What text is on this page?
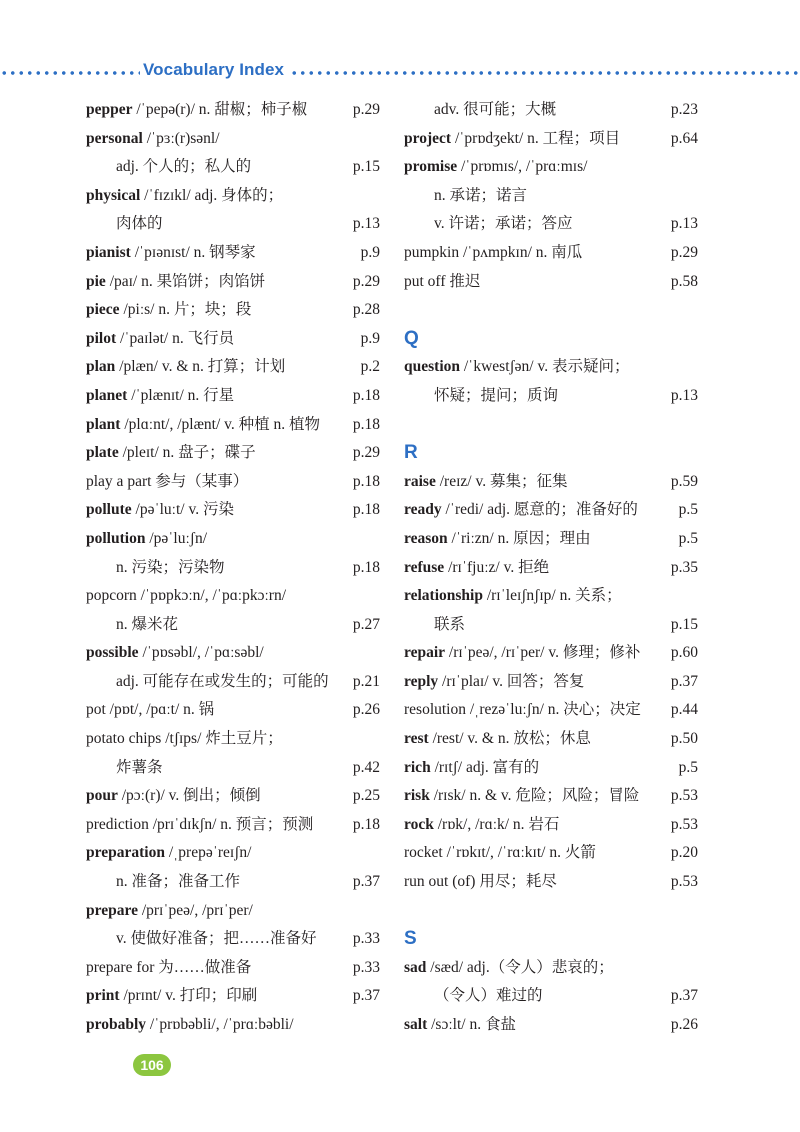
Vocabulary Index
pepper /ˈpepə(r)/ n. 甜椒；柿子椒	p.29
personal /ˈpɜː(r)sənl/
adj. 个人的；私人的	p.15
physical /ˈfɪzɪkl/ adj. 身体的；
肉体的	p.13
pianist /ˈpɪənɪst/ n. 钢琴家	p.9
pie /paɪ/ n. 果馅饼；肉馅饼	p.29
piece /piːs/ n. 片；块；段	p.28
pilot /ˈpaɪlət/ n. 飞行员	p.9
plan /plæn/ v. & n. 打算；计划	p.2
planet /ˈplænɪt/ n. 行星	p.18
plant /plɑːnt/, /plænt/ v. 种植 n. 植物 p.18
plate /pleɪt/ n. 盘子；碟子	p.29
play a part 参与（某事）	p.18
pollute /pəˈluːt/ v. 污染	p.18
pollution /pəˈluːʃn/
n. 污染；污染物	p.18
popcorn /ˈpɒpkɔːn/, /ˈpɑːpkɔːrn/
n. 爆米花	p.27
possible /ˈpɒsəbl/, /ˈpɑːsəbl/
adj. 可能存在或发生的；可能的 p.21
pot /pɒt/, /pɑːt/ n. 锅	p.26
potato chips /tʃɪps/ 炸土豆片；
炸薯条	p.42
pour /pɔː(r)/ v. 倒出；倾倒	p.25
prediction /prɪˈdɪkʃn/ n. 预言；预测	p.18
preparation /ˌprepəˈreɪʃn/
n. 准备；准备工作	p.37
prepare /prɪˈpeə/, /prɪˈper/
v. 使做好准备；把……准备好 p.33
prepare for 为……做准备	p.33
print /prɪnt/ v. 打印；印刷	p.37
probably /ˈprɒbəbli/, /ˈprɑːbəbli/
adv. 很可能；大概	p.23
project /ˈprɒdʒekt/ n. 工程；项目	p.64
promise /ˈprɒmɪs/, /ˈprɑːmɪs/
n. 承诺；诺言
v. 许诺；承诺；答应	p.13
pumpkin /ˈpʌmpkɪn/ n. 南瓜	p.29
put off 推迟	p.58
Q
question /ˈkwestʃən/ v. 表示疑问；
怀疑；提问；质询	p.13
R
raise /reɪz/ v. 募集；征集	p.59
ready /ˈredi/ adj. 愿意的；准备好的	p.5
reason /ˈriːzn/ n. 原因；理由	p.5
refuse /rɪˈfjuːz/ v. 拒绝	p.35
relationship /rɪˈleɪʃnʃɪp/ n. 关系；
联系	p.15
repair /rɪˈpeə/, /rɪˈper/ v. 修理；修补 p.60
reply /rɪˈplaɪ/ v. 回答；答复	p.37
resolution /ˌrezəˈluːʃn/ n. 决心；决定 p.44
rest /rest/ v. & n. 放松；休息	p.50
rich /rɪtʃ/ adj. 富有的	p.5
risk /rɪsk/ n. & v. 危险；风险；冒险 p.53
rock /rɒk/, /rɑːk/ n. 岩石	p.53
rocket /ˈrɒkɪt/, /ˈrɑːkɪt/ n. 火箭	p.20
run out (of) 用尽；耗尽	p.53
S
sad /sæd/ adj.（令人）悲哀的；
（令人）难过的	p.37
salt /sɔːlt/ n. 食盐	p.26
106
